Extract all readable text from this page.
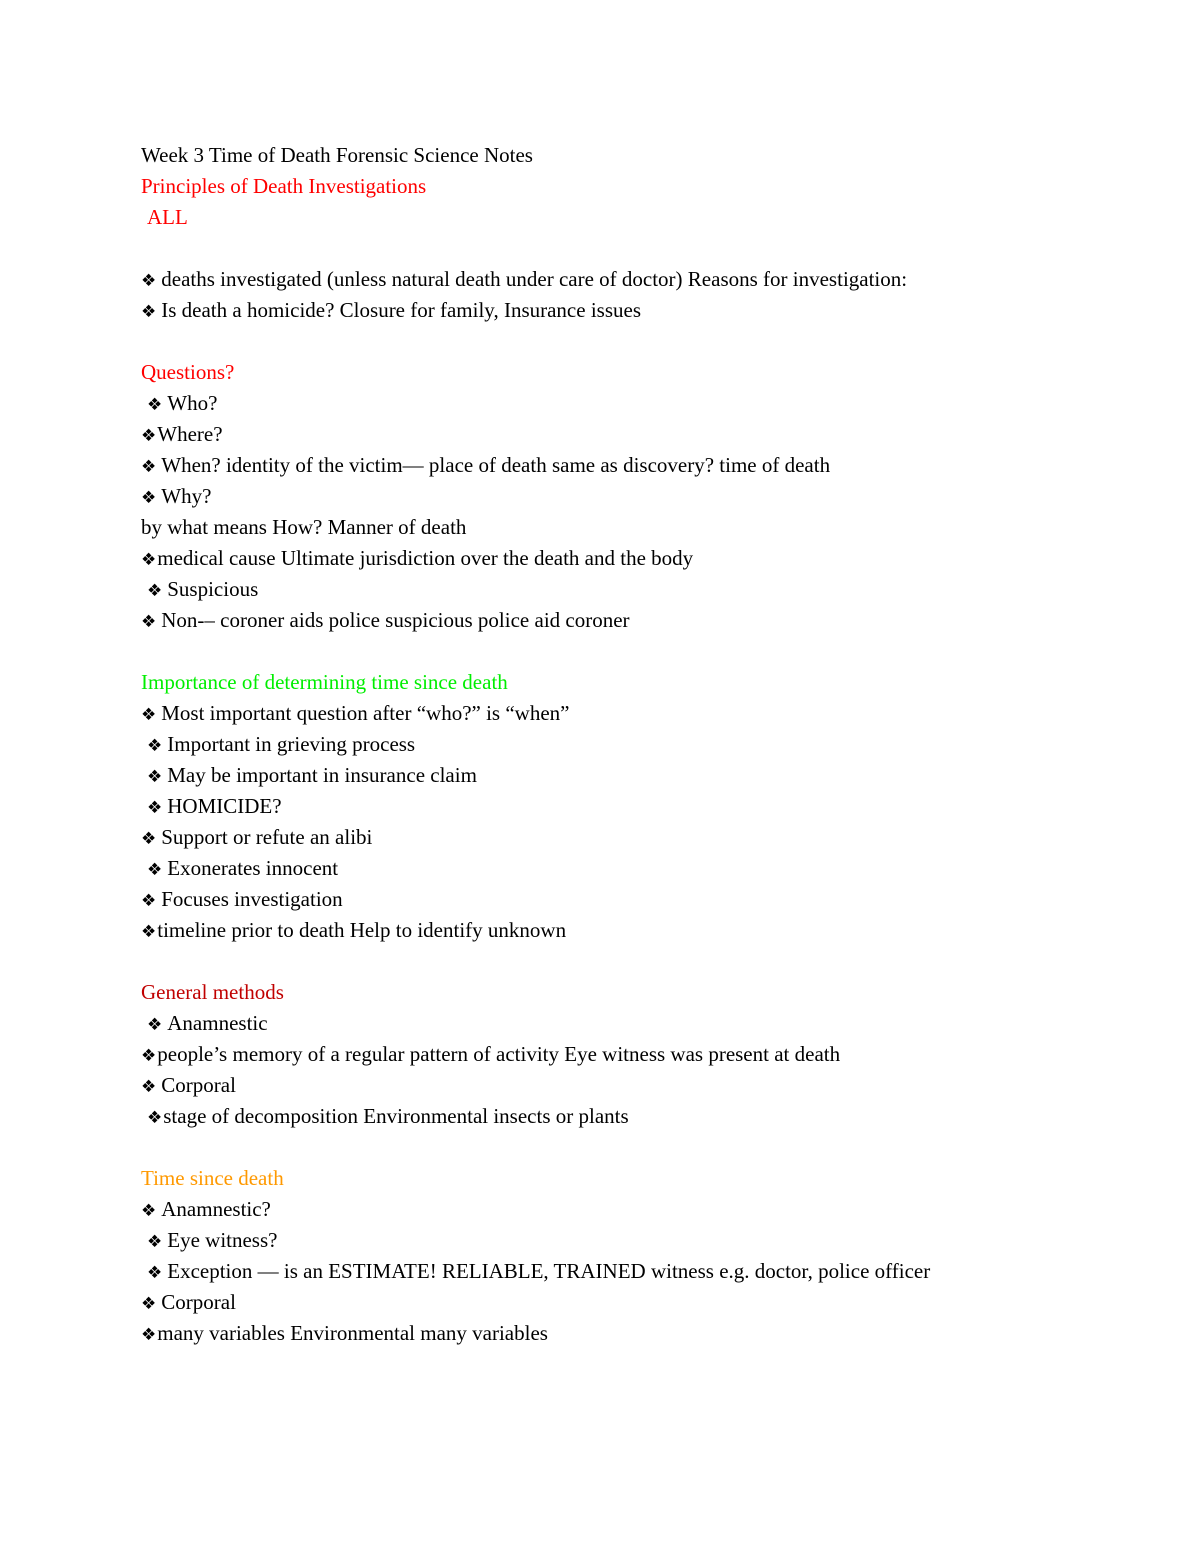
Week 3 Time of Death Forensic Science Notes
Principles of Death Investigations
ALL
❖ deaths investigated (unless natural death under care of doctor) Reasons for investigation:
❖ Is death a homicide? Closure for family, Insurance issues
Questions?
❖ Who?
❖Where?
❖ When? identity of the victim— place of death same as discovery? time of death
❖ Why?
by what means How? Manner of death
❖medical cause Ultimate jurisdiction over the death and the body
❖ Suspicious
❖ Non-– coroner aids police suspicious police aid coroner
Importance of determining time since death
❖ Most important question after “who?” is “when”
❖ Important in grieving process
❖ May be important in insurance claim
❖ HOMICIDE?
❖ Support or refute an alibi
❖ Exonerates innocent
❖ Focuses investigation
❖timeline prior to death Help to identify unknown
General methods
❖ Anamnestic
❖people’s memory of a regular pattern of activity Eye witness was present at death
❖ Corporal
❖stage of decomposition Environmental insects or plants
Time since death
❖ Anamnestic?
❖ Eye witness?
❖ Exception — is an ESTIMATE! RELIABLE, TRAINED witness e.g. doctor, police officer
❖ Corporal
❖many variables Environmental many variables
